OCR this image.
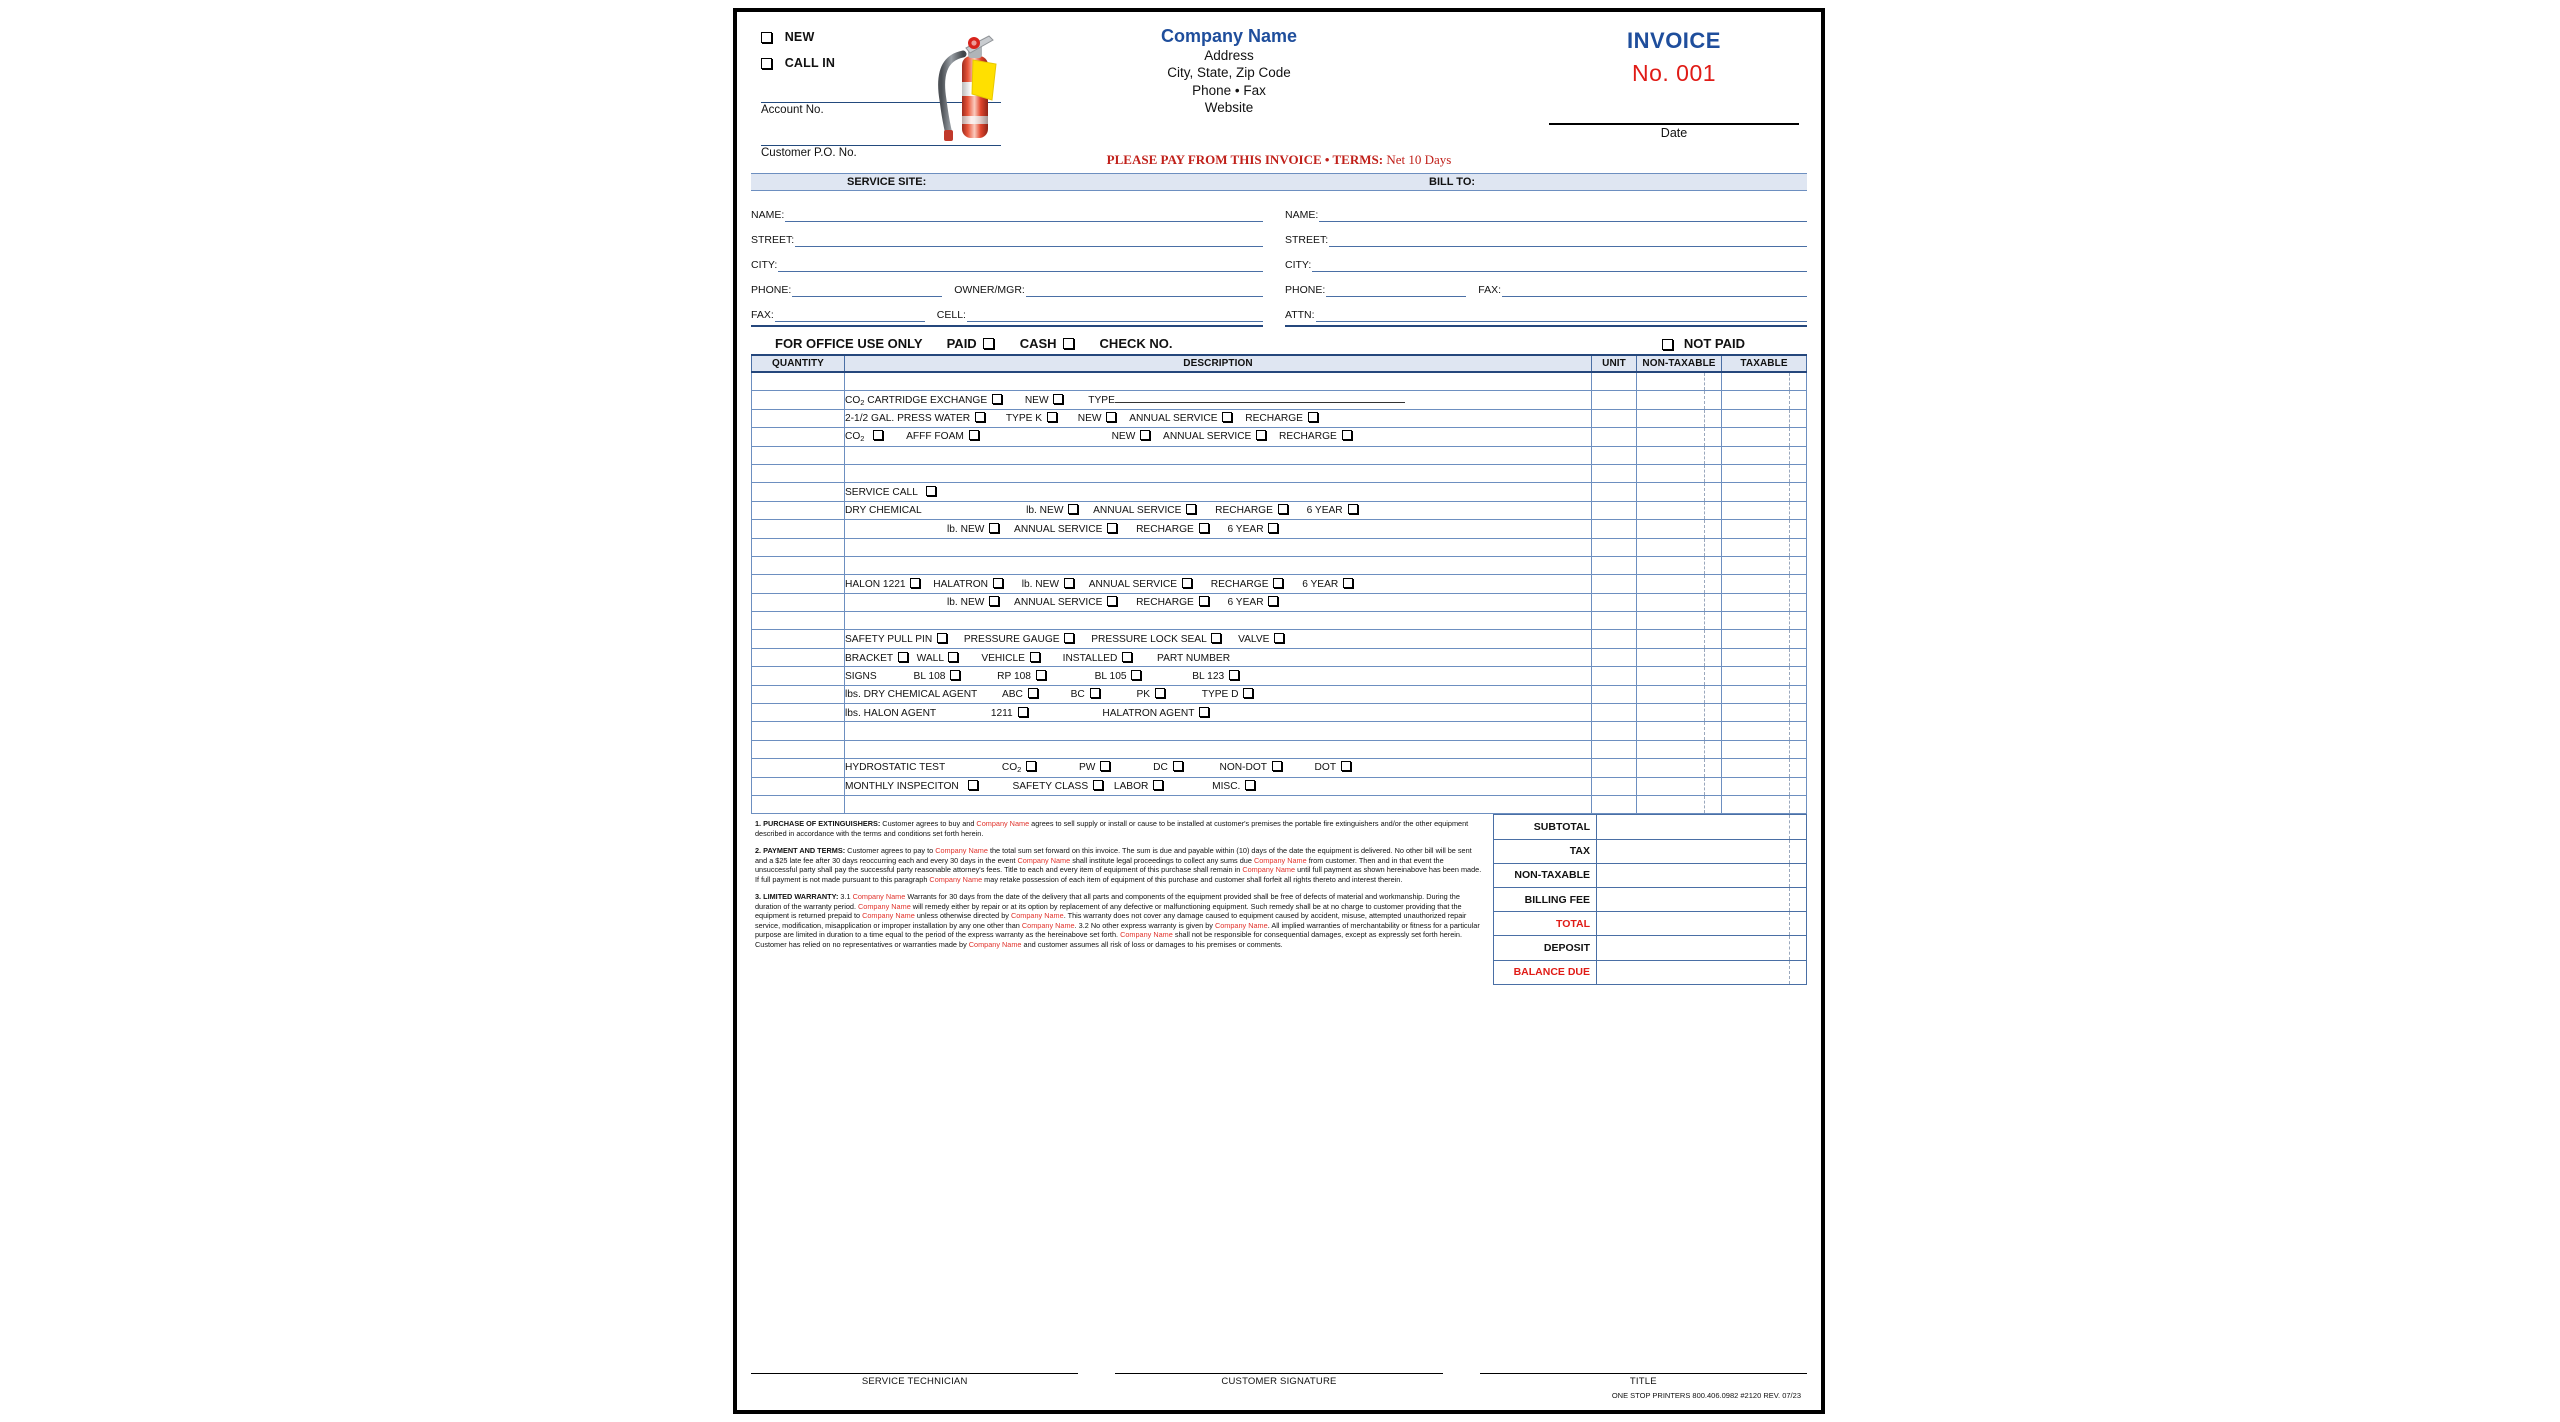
NEW
CALL IN
Account No.
Customer P.O. No.
Company Name
Address
City, State, Zip Code
Phone • Fax
Website
INVOICE
No. 001
Date
PLEASE PAY FROM THIS INVOICE • TERMS: Net 10 Days
SERVICE SITE:	BILL TO:
NAME:
STREET:
CITY:
PHONE:	OWNER/MGR:
FAX:	CELL:
NAME:
STREET:
CITY:
PHONE:	FAX:
ATTN:
FOR OFFICE USE ONLY PAID	CASH	CHECK NO.	NOT PAID
QUANTITY	DESCRIPTION	UNIT	NON-TAXABLE	TAXABLE

	$CO_2$ CARTRIDGE EXCHANGE NEW TYPE			
	2-1/2 GAL. PRESS WATER TYPE K NEW ANNUAL SERVICE RECHARGE			
	$CO_2$ AFFF FOAM NEW ANNUAL SERVICE RECHARGE			

	SERVICE CALL			
	DRY CHEMICAL lb. NEW ANNUAL SERVICE RECHARGE 6 YEAR			
	lb. NEW ANNUAL SERVICE RECHARGE 6 YEAR			

	HALON 1221 HALATRON lb. NEW ANNUAL SERVICE RECHARGE 6 YEAR			
	lb. NEW ANNUAL SERVICE RECHARGE 6 YEAR			

	SAFETY PULL PIN PRESSURE GAUGE PRESSURE LOCK SEAL VALVE			
	BRACKET WALL VEHICLE INSTALLED PART NUMBER			
	SIGNS BL 108 RP 108 BL 105 BL 123			
	lbs. DRY CHEMICAL AGENT ABC BC PK TYPE D			
	lbs. HALON AGENT 1211 HALATRON AGENT			

	HYDROSTATIC TEST $CO_2$ PW DC NON-DOT DOT			
	MONTHLY INSPECITON SAFETY CLASS LABOR MISC.			

1. PURCHASE OF EXTINGUISHERS: Customer agrees to buy and Company Name agrees to sell supply or install or cause to be installed at customer's premises the portable fire extinguishers and/or the other equipment described in accordance with the terms and conditions set forth herein.

2. PAYMENT AND TERMS: Customer agrees to pay to Company Name the total sum set forward on this invoice. The sum is due and payable within (10) days of the date the equipment is delivered. No other bill will be sent and a $25 late fee after 30 days reoccurring each and every 30 days in the event Company Name shall institute legal proceedings to collect any sums due Company Name from customer. Then and in that event the unsuccessful party shall pay the successful party reasonable attorney's fees. Title to each and every item of equipment of this purchase shall remain in Company Name until full payment as shown hereinabove has been made. If full payment is not made pursuant to this paragraph Company Name may retake possession of each item of equipment of this purchase and customer shall forfeit all rights thereto and interest therein.

3. LIMITED WARRANTY: 3.1 Company Name Warrants for 30 days from the date of the delivery that all parts and components of the equipment provided shall be free of defects of material and workmanship. During the duration of the warranty period. Company Name will remedy either by repair or at its option by replacement of any defective or malfunctioning equipment. Such remedy shall be at no charge to customer providing that the equipment is returned prepaid to Company Name unless otherwise directed by Company Name. This warranty does not cover any damage caused to equipment caused by accident, misuse, attempted unauthorized repair service, modification, misapplication or improper installation by any one other than Company Name. 3.2 No other express warranty is given by Company Name. All implied warranties of merchantability or fitness for a particular purpose are limited in duration to a time equal to the period of the express warranty as the hereinabove set forth. Company Name shall not be responsible for consequential damages, except as expressly set forth herein. Customer has relied on no representatives or warranties made by Company Name and customer assumes all risk of loss or damages to his premises or comments.

SUBTOTAL
TAX
NON-TAXABLE
BILLING FEE
TOTAL
DEPOSIT
BALANCE DUE
SERVICE TECHNICIAN	CUSTOMER SIGNATURE	TITLE
ONE STOP PRINTERS 800.406.0982 #2120 REV. 07/23
